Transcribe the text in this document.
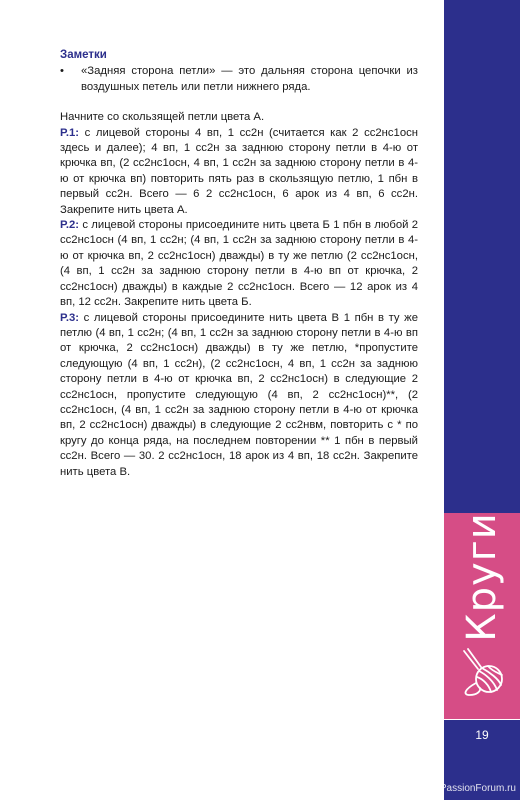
Заметки
• «Задняя сторона петли» — это дальняя сторона цепочки из воздушных петель или петли нижнего ряда.
Начните со скользящей петли цвета А.
Р.1: с лицевой стороны 4 вп, 1 сс2н (считается как 2 сс2нс1осн здесь и далее); 4 вп, 1 сс2н за заднюю сторону петли в 4-ю от крючка вп, (2 сс2нс1осн, 4 вп, 1 сс2н за заднюю сторону петли в 4-ю от крючка вп) повторить пять раз в скользящую петлю, 1 пбн в первый сс2н. Всего — 6 2 сс2нс1осн, 6 арок из 4 вп, 6 сс2н. Закрепите нить цвета А.
Р.2: с лицевой стороны присоедините нить цвета Б 1 пбн в любой 2 сс2нс1осн (4 вп, 1 сс2н; (4 вп, 1 сс2н за заднюю сторону петли в 4-ю от крючка вп, 2 сс2нс1осн) дважды) в ту же петлю (2 сс2нс1осн, (4 вп, 1 сс2н за заднюю сторону петли в 4-ю вп от крючка, 2 сс2нс1осн) дважды) в каждые 2 сс2нс1осн. Всего — 12 арок из 4 вп, 12 сс2н. Закрепите нить цвета Б.
Р.3: с лицевой стороны присоедините нить цвета В 1 пбн в ту же петлю (4 вп, 1 сс2н; (4 вп, 1 сс2н за заднюю сторону петли в 4-ю вп от крючка, 2 сс2нс1осн) дважды) в ту же петлю, *пропустите следующую (4 вп, 1 сс2н), (2 сс2нс1осн, 4 вп, 1 сс2н за заднюю сторону петли в 4-ю от крючка вп, 2 сс2нс1осн) в следующие 2 сс2нс1осн, пропустите следующую (4 вп, 2 сс2нс1осн)**, (2 сс2нс1осн, (4 вп, 1 сс2н за заднюю сторону петли в 4-ю от крючка вп, 2 сс2нс1осн) дважды) в следующие 2 сс2нвм, повторить с * по кругу до конца ряда, на последнем повторении ** 1 пбн в первый сс2н. Всего — 30. 2 сс2нс1осн, 18 арок из 4 вп, 18 сс2н. Закрепите нить цвета В.
Круги
19
PassionForum.ru
